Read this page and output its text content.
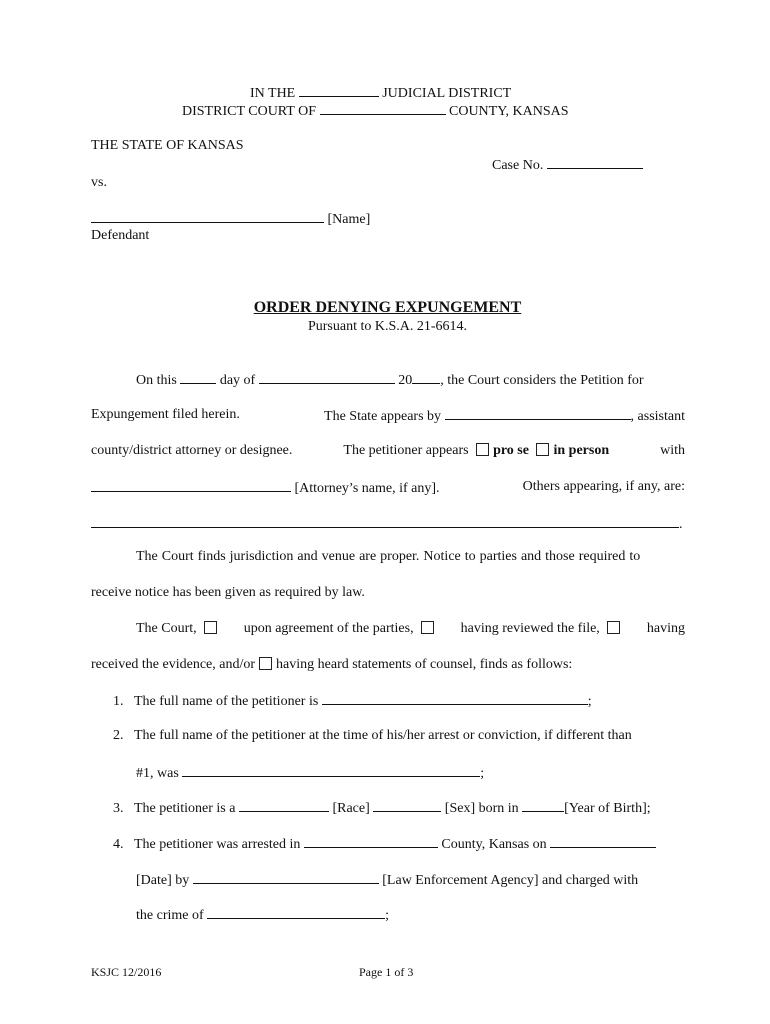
IN THE	JUDICIAL DISTRICT
DISTRICT COURT OF	COUNTY, KANSAS
THE STATE OF KANSAS
Case No.
vs.
[Name]
Defendant
ORDER DENYING EXPUNGEMENT
Pursuant to K.S.A. 21-6614.
On this	day of	20 , the Court considers the Petition for
Expungement filed herein.	The State appears by	, assistant
county/district attorney or designee.	The petitioner appears pro se in person	with
[Attorney’s name, if any].	Others appearing, if any, are:
.
The Court finds jurisdiction and venue are proper. Notice to parties and those required to
receive notice has been given as required by law.
The Court,	upon agreement of the parties,	having reviewed the file,	having
received the evidence, and/or having heard statements of counsel, finds as follows:
1. The full name of the petitioner is	;
2. The full name of the petitioner at the time of his/her arrest or conviction, if different than
#1, was	;
3. The petitioner is a	[Race]	[Sex] born in	[Year of Birth];
4. The petitioner was arrested in	County, Kansas on
[Date] by	[Law Enforcement Agency] and charged with
the crime of	;
KSJC 12/2016	Page 1 of 3
